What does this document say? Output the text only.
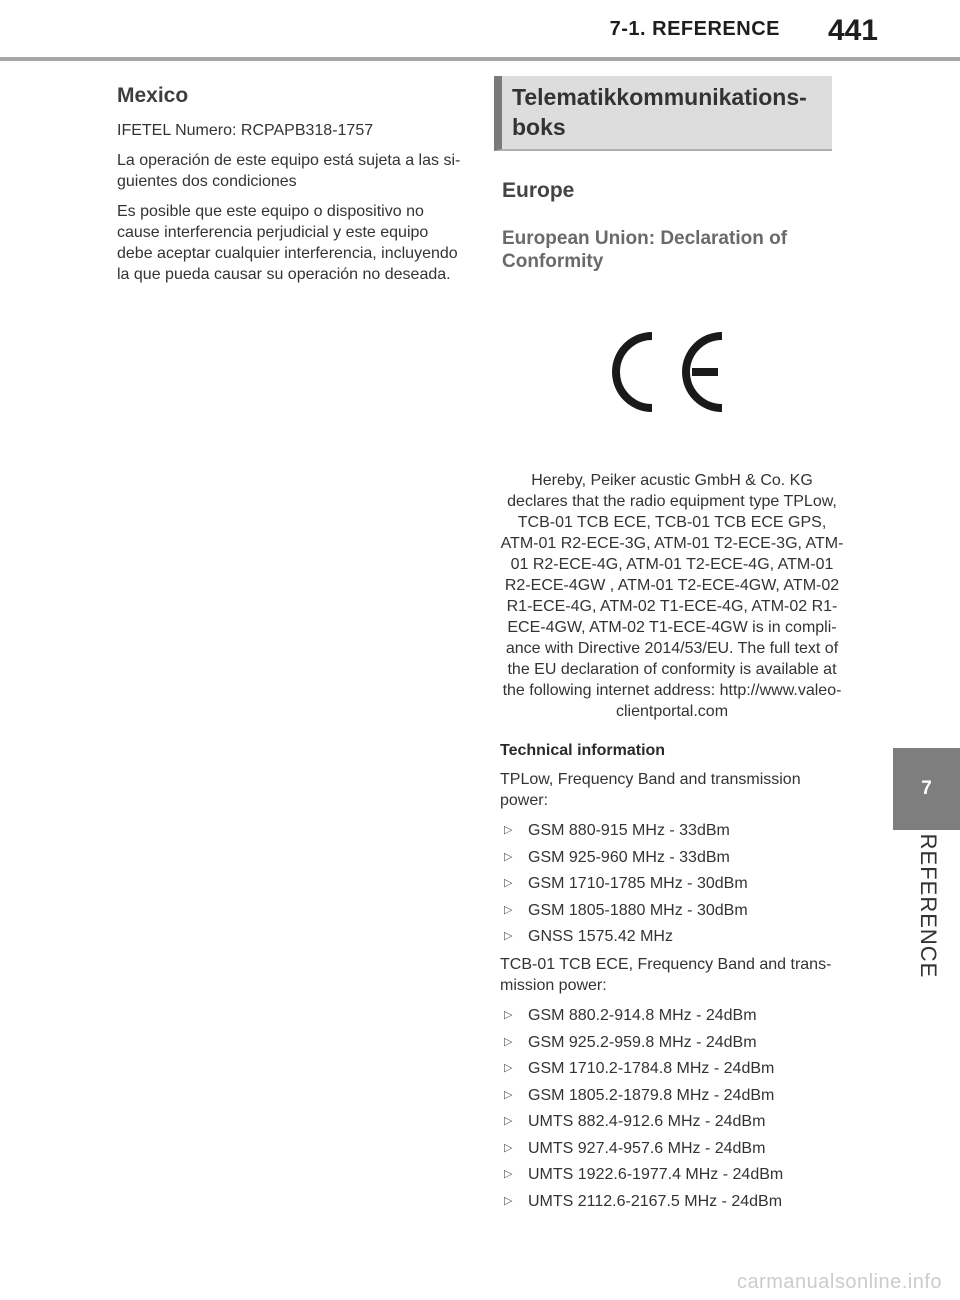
7-1. REFERENCE 441
Mexico

IFETEL Numero: RCPAPB318-1757

La operación de este equipo está sujeta a las si-guientes dos condiciones

Es posible que este equipo o dispositivo no cause interferencia perjudicial y este equipo debe aceptar cualquier interferencia, incluyendo la que pueda causar su operación no deseada.

Telematikkommunikations-
boks
Europe
European Union: Declaration of
Conformity
Hereby, Peiker acustic GmbH & Co. KG declares that the radio equipment type TPLow, TCB-01 TCB ECE, TCB-01 TCB ECE GPS, ATM-01 R2-ECE-3G, ATM-01 T2-ECE-3G, ATM-01 R2-ECE-4G, ATM-01 T2-ECE-4G, ATM-01 R2-ECE-4GW , ATM-01 T2-ECE-4GW, ATM-02 R1-ECE-4G, ATM-02 T1-ECE-4G, ATM-02 R1-ECE-4GW, ATM-02 T1-ECE-4GW is in compli-ance with Directive 2014/53/EU. The full text of the EU declaration of conformity is available at the following internet address: http://www.valeo-clientportal.com
Technical information

TPLow, Frequency Band and transmission power:

▷ GSM 880-915 MHz - 33dBm
▷ GSM 925-960 MHz - 33dBm
▷ GSM 1710-1785 MHz - 30dBm
▷ GSM 1805-1880 MHz - 30dBm
▷ GNSS 1575.42 MHz

TCB-01 TCB ECE, Frequency Band and trans-mission power:

▷ GSM 880.2-914.8 MHz - 24dBm
▷ GSM 925.2-959.8 MHz - 24dBm
▷ GSM 1710.2-1784.8 MHz - 24dBm
▷ GSM 1805.2-1879.8 MHz - 24dBm
▷ UMTS 882.4-912.6 MHz - 24dBm
▷ UMTS 927.4-957.6 MHz - 24dBm
▷ UMTS 1922.6-1977.4 MHz - 24dBm
▷ UMTS 2112.6-2167.5 MHz - 24dBm
7
REFERENCE
carmanualsonline.info
